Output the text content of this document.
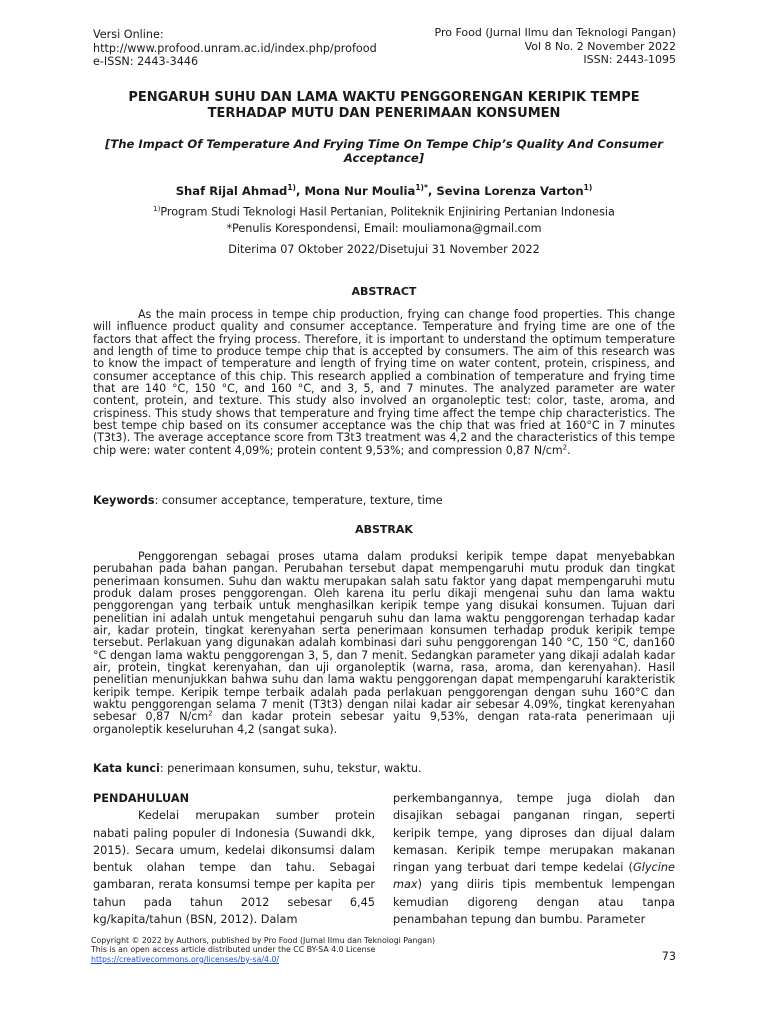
Versi Online:
http://www.profood.unram.ac.id/index.php/profood
e-ISSN: 2443-3446
Pro Food (Jurnal Ilmu dan Teknologi Pangan)
Vol 8 No. 2 November 2022
ISSN: 2443-1095
PENGARUH SUHU DAN LAMA WAKTU PENGGORENGAN KERIPIK TEMPE
TERHADAP MUTU DAN PENERIMAAN KONSUMEN
[The Impact Of Temperature And Frying Time On Tempe Chip’s Quality And Consumer
Acceptance]
Shaf Rijal Ahmad$^{1)}$, Mona Nur Moulia$^{1)*}$, Sevina Lorenza Varton$^{1)}$
$^{1)}$Program Studi Teknologi Hasil Pertanian, Politeknik Enjiniring Pertanian Indonesia
*Penulis Korespondensi, Email: mouliamona@gmail.com
Diterima 07 Oktober 2022/Disetujui 31 November 2022
ABSTRACT

As the main process in tempe chip production, frying can change food properties. This change will influence product quality and consumer acceptance. Temperature and frying time are one of the factors that affect the frying process. Therefore, it is important to understand the optimum temperature and length of time to produce tempe chip that is accepted by consumers. The aim of this research was to know the impact of temperature and length of frying time on water content, protein, crispiness, and consumer acceptance of this chip. This research applied a combination of temperature and frying time that are 140 °C, 150 °C, and 160 °C, and 3, 5, and 7 minutes. The analyzed parameter are water content, protein, and texture. This study also involved an organoleptic test: color, taste, aroma, and crispiness. This study shows that temperature and frying time affect the tempe chip characteristics. The best tempe chip based on its consumer acceptance was the chip that was fried at 160°C in 7 minutes (T3t3). The average acceptance score from T3t3 treatment was 4,2 and the characteristics of this tempe chip were: water content 4,09%; protein content 9,53%; and compression 0,87 $N/cm^2$.

Keywords: consumer acceptance, temperature, texture, time
ABSTRAK

Penggorengan sebagai proses utama dalam produksi keripik tempe dapat menyebabkan perubahan pada bahan pangan. Perubahan tersebut dapat mempengaruhi mutu produk dan tingkat penerimaan konsumen. Suhu dan waktu merupakan salah satu faktor yang dapat mempengaruhi mutu produk dalam proses penggorengan. Oleh karena itu perlu dikaji mengenai suhu dan lama waktu penggorengan yang terbaik untuk menghasilkan keripik tempe yang disukai konsumen. Tujuan dari penelitian ini adalah untuk mengetahui pengaruh suhu dan lama waktu penggorengan terhadap kadar air, kadar protein, tingkat kerenyahan serta penerimaan konsumen terhadap produk keripik tempe tersebut. Perlakuan yang digunakan adalah kombinasi dari suhu penggorengan 140 °C, 150 °C, dan160 °C dengan lama waktu penggorengan 3, 5, dan 7 menit. Sedangkan parameter yang dikaji adalah kadar air, protein, tingkat kerenyahan, dan uji organoleptik (warna, rasa, aroma, dan kerenyahan). Hasil penelitian menunjukkan bahwa suhu dan lama waktu penggorengan dapat mempengaruhi karakteristik keripik tempe. Keripik tempe terbaik adalah pada perlakuan penggorengan dengan suhu 160°C dan waktu penggorengan selama 7 menit (T3t3) dengan nilai kadar air sebesar 4.09%, tingkat kerenyahan sebesar 0,87 $N/cm^2$ dan kadar protein sebesar yaitu 9,53%, dengan rata-rata penerimaan uji organoleptik keseluruhan 4,2 (sangat suka).

Kata kunci: penerimaan konsumen, suhu, tekstur, waktu.
PENDAHULUAN

Kedelai merupakan sumber protein nabati paling populer di Indonesia (Suwandi dkk, 2015). Secara umum, kedelai dikonsumsi dalam bentuk olahan tempe dan tahu. Sebagai gambaran, rerata konsumsi tempe per kapita per tahun pada tahun 2012 sebesar 6,45 kg/kapita/tahun (BSN, 2012). Dalam

perkembangannya, tempe juga diolah dan disajikan sebagai panganan ringan, seperti keripik tempe, yang diproses dan dijual dalam kemasan. Keripik tempe merupakan makanan ringan yang terbuat dari tempe kedelai (Glycine max) yang diiris tipis membentuk lempengan kemudian digoreng dengan atau tanpa penambahan tepung dan bumbu. Parameter

Copyright © 2022 by Authors, published by Pro Food (Jurnal Ilmu dan Teknologi Pangan)
This is an open access article distributed under the CC BY-SA 4.0 License
https://creativecommons.org/licenses/by-sa/4.0/	73
